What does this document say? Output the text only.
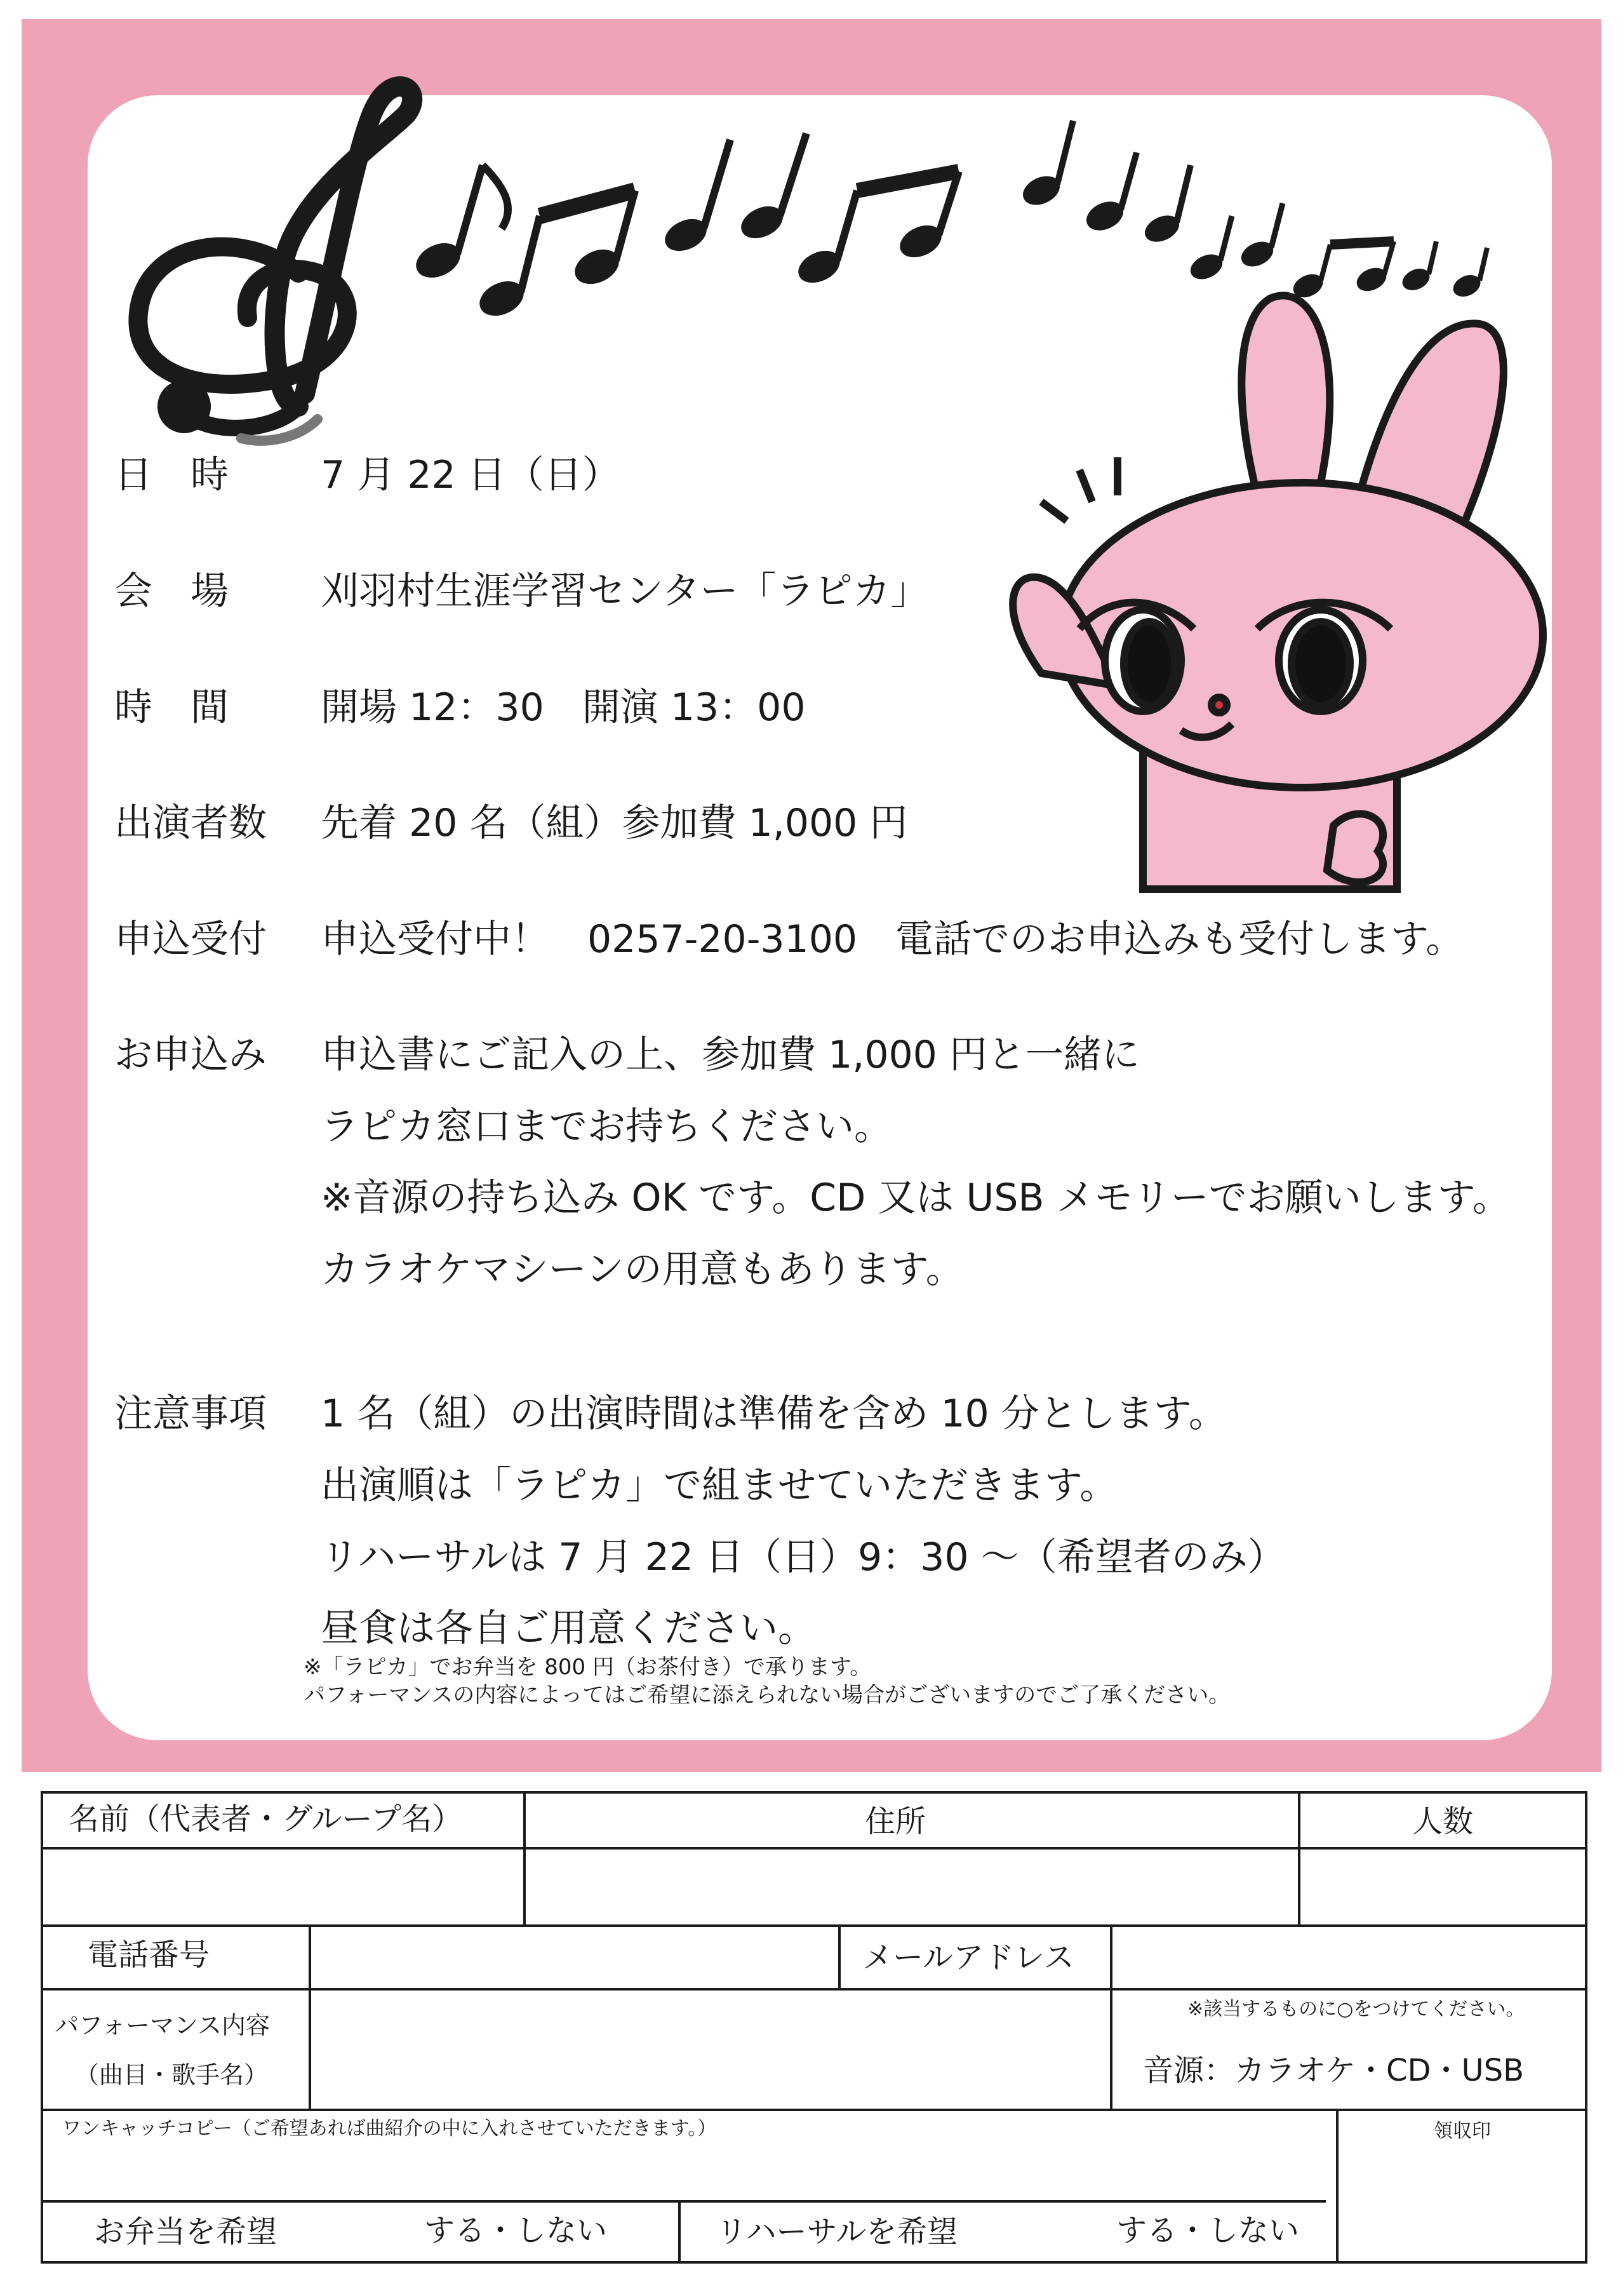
日　時 7 月 22 日（日）
会　場 刈羽村生涯学習センター「ラピカ」
時　間 開場 12：30　開演 13：00
出演者数 先着 20 名（組）参加費 1,000 円
申込受付 申込受付中！　0257-20-3100　電話でのお申込みも受付します。
お申込み 申込書にご記入の上、参加費 1,000 円と一緒に
ラピカ窓口までお持ちください。
※音源の持ち込み OK です。CD 又は USB メモリーでお願いします。
カラオケマシーンの用意もあります。
注意事項 1 名（組）の出演時間は準備を含め 10 分とします。
出演順は「ラピカ」で組ませていただきます。
リハーサルは 7 月 22 日（日）9：30 ～（希望者のみ）
昼食は各自ご用意ください。
※「ラピカ」でお弁当を 800 円（お茶付き）で承ります。
パフォーマンスの内容によってはご希望に添えられない場合がございますのでご了承ください。
名前（代表者・グループ名）	住所	人数
電話番号	メールアドレス
パフォーマンス内容
（曲目・歌手名）
※該当するものに○をつけてください。
音源：カラオケ・CD・USB
ワンキャッチコピー（ご希望あれば曲紹介の中に入れさせていただきます。）	領収印
お弁当を希望	する・しない	リハーサルを希望	する・しない
